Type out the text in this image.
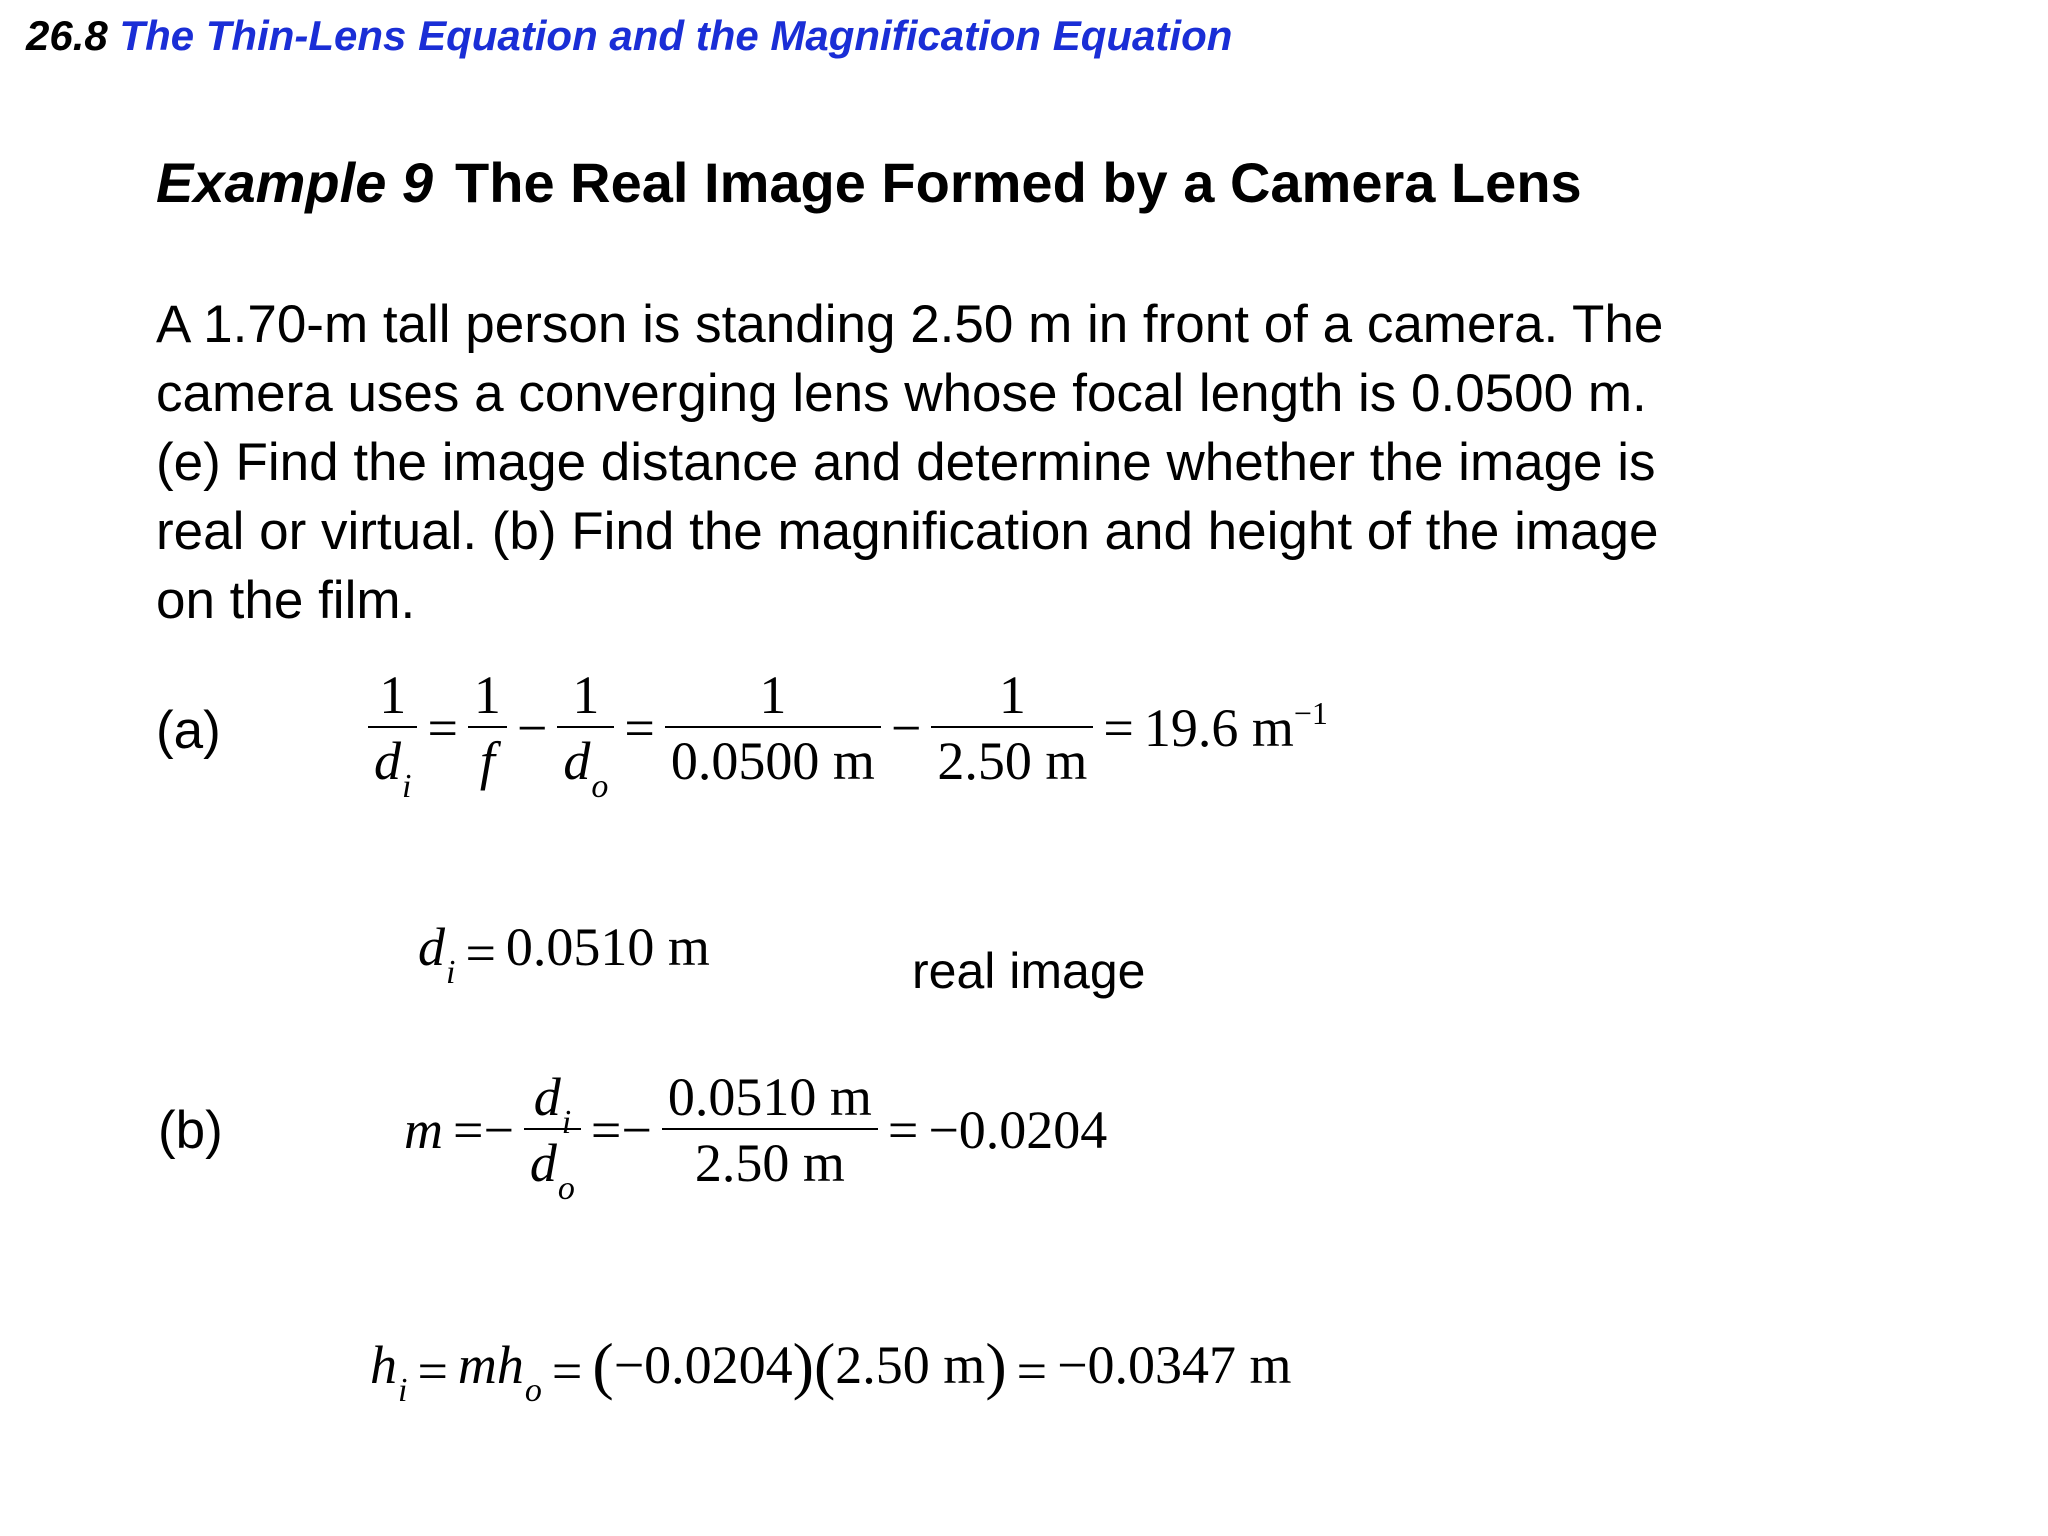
26.8 The Thin-Lens Equation and the Magnification Equation
Example 9 The Real Image Formed by a Camera Lens
A 1.70-m tall person is standing 2.50 m in front of a camera. The
camera uses a converging lens whose focal length is 0.0500 m.
(e) Find the image distance and determine whether the image is
real or virtual. (b) Find the magnification and height of the image
on the film.
(a)	$\frac{1}{d_i} = \frac{1}{f} - \frac{1}{d_o} = \frac{1}{0.0500 m} - \frac{1}{2.50 m} = 19.6$ $m^{-1}$
$d_i = 0.0510$ m	real image
(b)	$m =- \frac{d_i}{d_o} =- \frac{0.0510 m}{2.50 m} = -0.0204$
$h_i = mh_o = (-0.0204)(2.50$ m) = −0.0347 m
